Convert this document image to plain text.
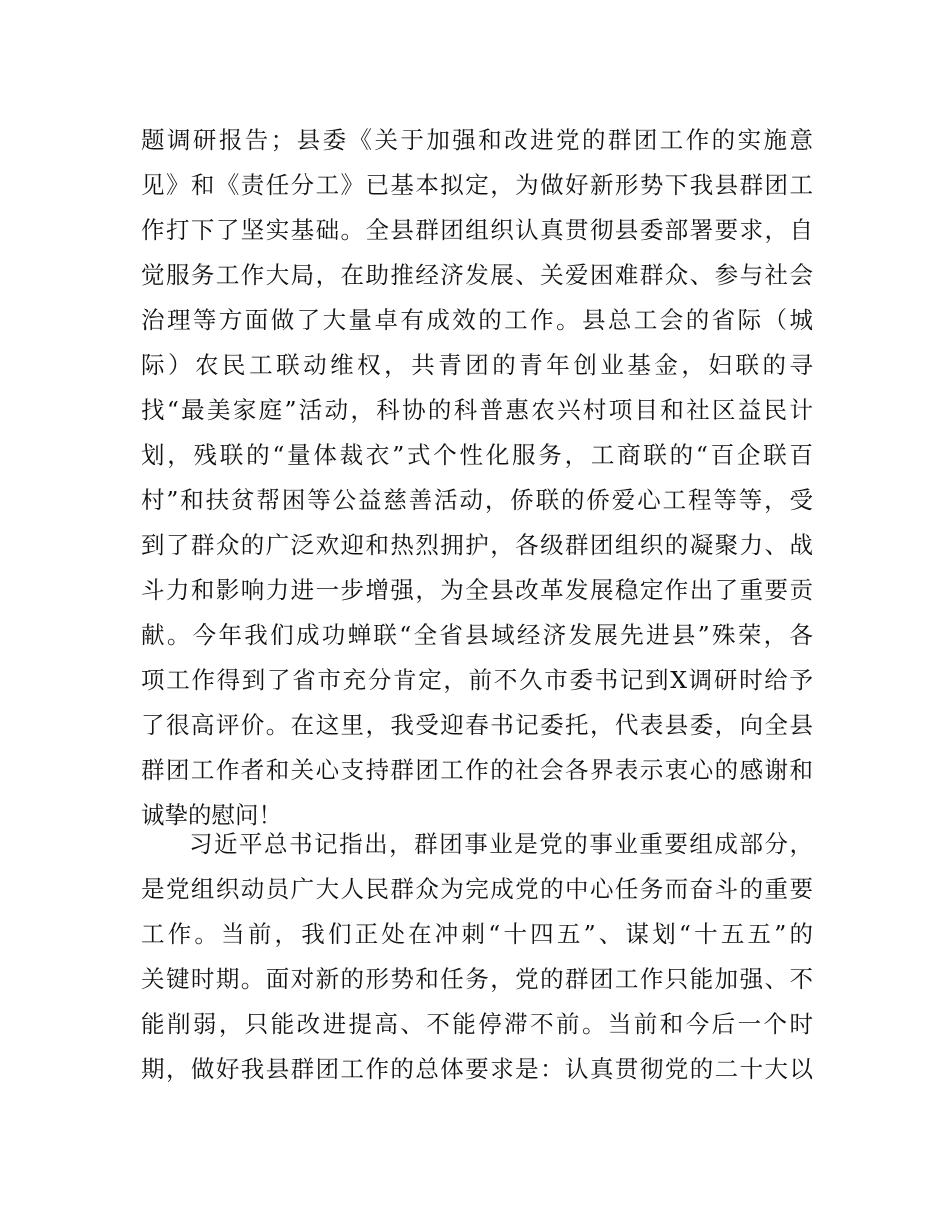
题调研报告；县委《关于加强和改进党的群团工作的实施意
见》和《责任分工》已基本拟定，为做好新形势下我县群团工
作打下了坚实基础。全县群团组织认真贯彻县委部署要求，自
觉服务工作大局，在助推经济发展、关爱困难群众、参与社会
治理等方面做了大量卓有成效的工作。县总工会的省际（城
际）农民工联动维权，共青团的青年创业基金，妇联的寻
找“最美家庭”活动，科协的科普惠农兴村项目和社区益民计
划，残联的“量体裁衣”式个性化服务，工商联的“百企联百
村”和扶贫帮困等公益慈善活动，侨联的侨爱心工程等等，受
到了群众的广泛欢迎和热烈拥护，各级群团组织的凝聚力、战
斗力和影响力进一步增强，为全县改革发展稳定作出了重要贡
献。今年我们成功蝉联“全省县域经济发展先进县”殊荣，各
项工作得到了省市充分肯定，前不久市委书记到X调研时给予
了很高评价。在这里，我受迎春书记委托，代表县委，向全县
群团工作者和关心支持群团工作的社会各界表示衷心的感谢和
诚挚的慰问！
习近平总书记指出，群团事业是党的事业重要组成部分，
是党组织动员广大人民群众为完成党的中心任务而奋斗的重要
工作。当前，我们正处在冲刺“十四五”、谋划“十五五”的
关键时期。面对新的形势和任务，党的群团工作只能加强、不
能削弱，只能改进提高、不能停滞不前。当前和今后一个时
期，做好我县群团工作的总体要求是：认真贯彻党的二十大以
